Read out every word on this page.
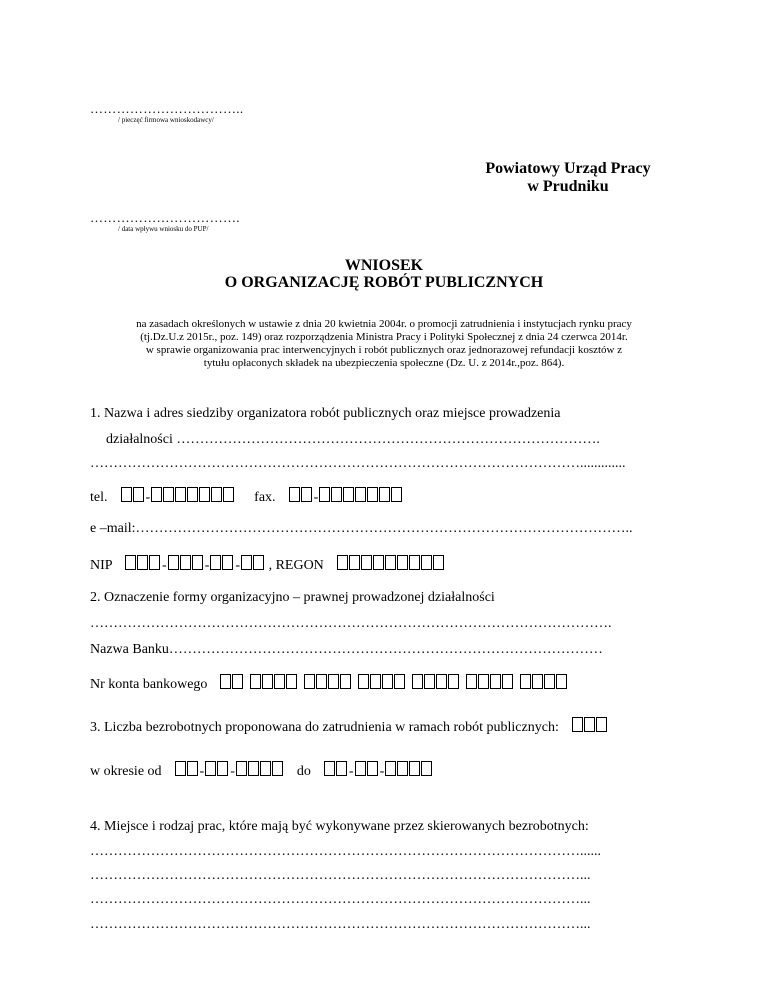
……………………………..
/ pieczęć firmowa wnioskodawcy/
Powiatowy Urząd Pracy
w Prudniku
…………………………….
/ data wpływu wniosku do PUP/
WNIOSEK
O ORGANIZACJĘ ROBÓT PUBLICZNYCH
na zasadach określonych w ustawie z dnia 20 kwietnia 2004r. o promocji zatrudnienia i instytucjach rynku pracy
(tj.Dz.U.z 2015r., poz. 149) oraz rozporządzenia Ministra Pracy i Polityki Społecznej z dnia 24 czerwca 2014r.
w sprawie organizowania prac interwencyjnych i robót publicznych oraz jednorazowej refundacji kosztów z
tytułu opłaconych składek na ubezpieczenia społeczne (Dz. U. z 2014r.,poz. 864).
1. Nazwa i adres siedziby organizatora robót publicznych oraz miejsce prowadzenia
działalności ……………………………………………………………………………….
…………………………………………………………………………………………….............
tel.	-	fax.	-
e –mail:……………………………………………………………………………………………..
NIP	-	- - , REGON
2. Oznaczenie formy organizacyjno – prawnej prowadzonej działalności
………………………………………………………………………………………………….
Nazwa Banku…………………………………………………………………………………
Nr konta bankowego
3. Liczba bezrobotnych proponowana do zatrudnienia w ramach robót publicznych:
w okresie od	- -	do	- -
4. Miejsce i rodzaj prac, które mają być wykonywane przez skierowanych bezrobotnych:
……………………………………………………………………………………………......
……………………………………………………………………………………………...
……………………………………………………………………………………………...
……………………………………………………………………………………………...
